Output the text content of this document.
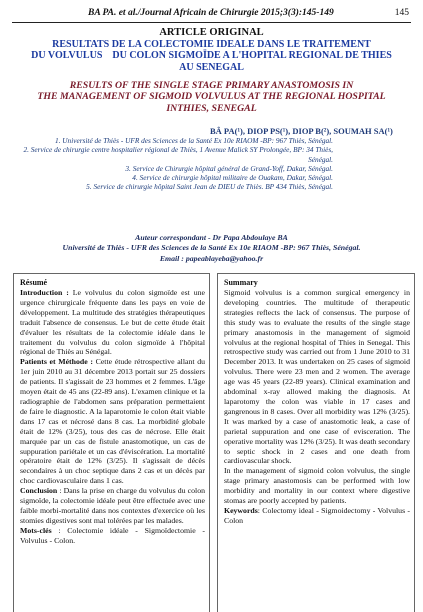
BA PA. et al./Journal Africain de Chirurgie 2015;3(3):145-149	145
ARTICLE ORIGINAL
RESULTATS DE LA COLECTOMIE IDEALE DANS LE TRAITEMENT
DU VOLVULUS    DU COLON SIGMOÏDE A L'HOPITAL REGIONAL DE THIES
AU SENEGAL
RESULTS OF THE SINGLE STAGE PRIMARY ANASTOMOSIS IN
THE MANAGEMENT OF SIGMOID VOLVULUS AT THE REGIONAL HOSPITAL
INTHIES, SENEGAL
BÂ PA(¹), DIOP PS(¹), DIOP B(²), SOUMAH SA(¹)
1. Université de Thiès - UFR des Sciences de la Santé Ex 10e RIAOM -BP: 967 Thiès, Sénégal.
2. Service de chirurgie centre hospitalier régional de Thiès, 1 Avenue Malick SY Prolongée, BP: 34 Thiès,
Sénégal.
3. Service de Chirurgie hôpital général de Grand-Yoff, Dakar, Sénégal.
4. Service de chirurgie hôpital militaire de Ouakam, Dakar, Sénégal.
5. Service de chirurgie hôpital Saint Jean de DIEU de Thiès. BP 434 Thiès, Sénégal.
Auteur correspondant - Dr Papa Abdoulaye BA
Université de Thiès - UFR des Sciences de la Santé Ex 10e RIAOM -BP: 967 Thiès, Sénégal.
Email : papeablayeba@yahoo.fr
Résumé

Introduction : Le volvulus du colon sigmoïde est une urgence chirurgicale fréquente dans les pays en voie de développement. La multitude des stratégies thérapeutiques traduit l'absence de consensus. Le but de cette étude était d'évaluer les résultats de la colectomie idéale dans le traitement du volvulus du colon sigmoïde à l'hôpital régional de Thiès au Sénégal.

Patients et Méthode : Cette étude rétrospective allant du 1er juin 2010 au 31 décembre 2013 portait sur 25 dossiers de patients. Il s'agissait de 23 hommes et 2 femmes. L'âge moyen était de 45 ans (22-89 ans). L'examen clinique et la radiographie de l'abdomen sans préparation permettaient de faire le diagnostic. A la laparotomie le colon était viable dans 17 cas et nécrosé dans 8 cas. La morbidité globale était de 12% (3/25), tous des cas de nécrose. Elle était marquée par un cas de fistule anastomotique, un cas de suppuration pariétale et un cas d'éviscération. La mortalité opératoire était de 12% (3/25). Il s'agissait de décès secondaires à un choc septique dans 2 cas et un décès par choc cardiovasculaire dans 1 cas.

Conclusion : Dans la prise en charge du volvulus du colon sigmoïde, la colectomie idéale peut être effectuée avec une faible morbi-mortalité dans nos contextes d'exercice où les stomies digestives sont mal tolérées par les malades.

Mots-clés : Colectomie idéale - Sigmoïdectomie - Volvulus - Colon.

Summary

Sigmoid volvulus is a common surgical emergency in developing countries. The multitude of therapeutic strategies reflects the lack of consensus. The purpose of this study was to evaluate the results of the single stage primary anastomosis in the management of sigmoid volvulus at the regional hospital of Thies in Senegal. This retrospective study was carried out from 1 June 2010 to 31 December 2013. It was undertaken on 25 cases of sigmoid volvulus. There were 23 men and 2 women. The average age was 45 years (22-89 years). Clinical examination and abdominal x-ray allowed making the diagnosis. At laparotomy the colon was viable in 17 cases and gangrenous in 8 cases. Over all morbidity was 12% (3/25). It was marked by a case of anastomotic leak, a case of parietal suppuration and one case of evisceration. The operative mortality was 12% (3/25). It was death secondary to septic shock in 2 cases and one death from cardiovascular shock.

In the management of sigmoid colon volvulus, the single stage primary anastomosis can be performed with low morbidity and mortality in our context where digestive stomas are poorly accepted by patients.

Keywords: Colectomy ideal - Sigmoidectomy - Volvulus - Colon
